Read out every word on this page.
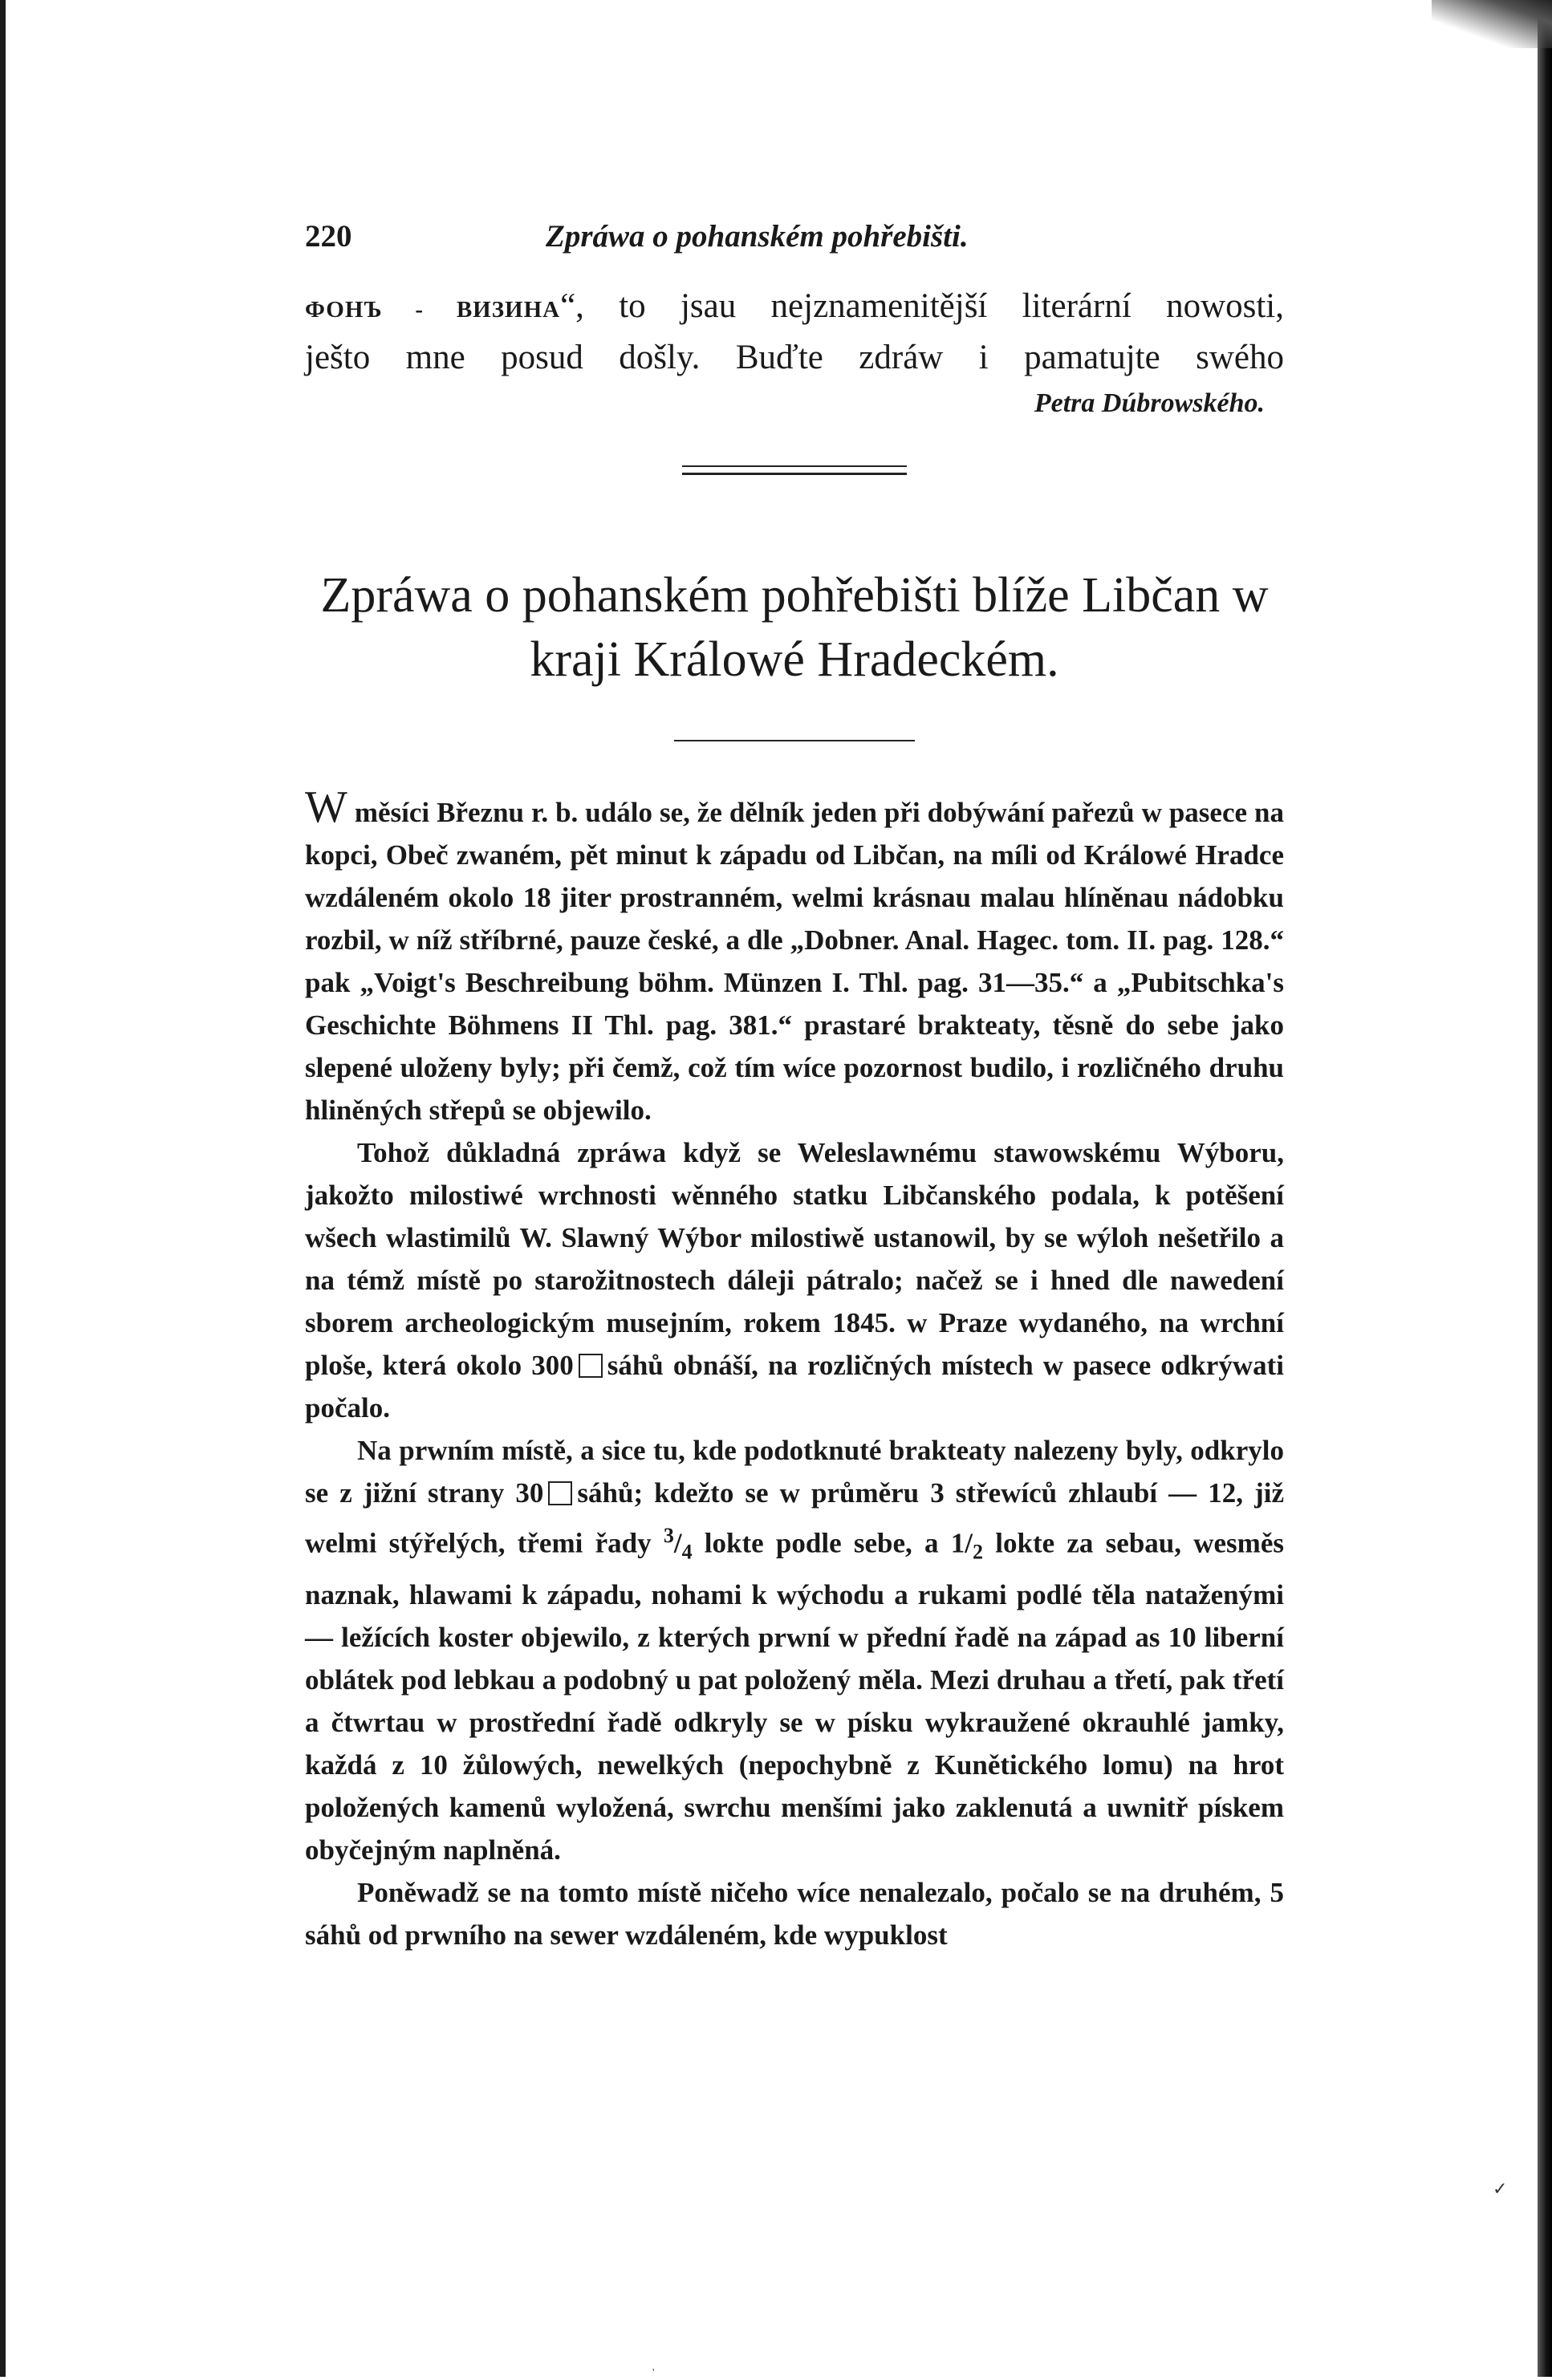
220	Zpráwa o pohanském pohřebišti.
ФОНЪ - ВИЗИНА“, to jsau nejznamenitější literární nowosti,
ješto mne posud došly. Buďte zdráw i pamatujte swého
Petra Dúbrowského.
Zpráwa o pohanském pohřebišti blíže Libčan w kraji Králowé Hradeckém.

W měsíci Březnu r. b. událo se, že dělník jeden při dobýwání pařezů w pasece na kopci, Obeč zwaném, pět minut k západu od Libčan, na míli od Králowé Hradce wzdáleném okolo 18 jiter prostranném, welmi krásnau malau hlíněnau nádobku rozbil, w níž stříbrné, pauze české, a dle „Dobner. Anal. Hagec. tom. II. pag. 128.“ pak „Voigt's Beschreibung böhm. Münzen I. Thl. pag. 31—35.“ a „Pubitschka's Geschichte Böhmens II Thl. pag. 381.“ prastaré brakteaty, těsně do sebe jako slepené uloženy byly; při čemž, což tím wíce pozornost budilo, i rozličného druhu hliněných střepů se objewilo.

Tohož důkladná zpráwa když se Weleslawnému stawowskému Wýboru, jakožto milostiwé wrchnosti wěnného statku Libčanského podala, k potěšení wšech wlastimilů W. Slawný Wýbor milostiwě ustanowil, by se wýloh nešetřilo a na témž místě po starožitnostech dáleji pátralo; načež se i hned dle nawedení sborem archeologickým musejním, rokem 1845. w Praze wydaného, na wrchní ploše, která okolo 300 sáhů obnáší, na rozličných místech w pasece odkrýwati počalo.

Na prwním místě, a sice tu, kde podotknuté brakteaty nalezeny byly, odkrylo se z jižní strany 30 sáhů; kdežto se w průměru 3 střewíců zhlaubí — 12, již welmi stýřelých, třemi řady $^3/_4$ lokte podle sebe, a $1/_2$ lokte za sebau, wesměs naznak, hlawami k západu, nohami k wýchodu a rukami podlé těla nataženými — ležících koster objewilo, z kterých prwní w přední řadě na západ as 10 liberní oblátek pod lebkau a podobný u pat položený měla. Mezi druhau a třetí, pak třetí a čtwrtau w prostřední řadě odkryly se w písku wykraužené okrauhlé jamky, každá z 10 žůlowých, newelkých (nepochybně z Kunětického lomu) na hrot položených kamenů wyložená, swrchu menšími jako zaklenutá a uwnitř pískem obyčejným naplněná.

Poněwadž se na tomto místě ničeho wíce nenalezalo, počalo se na druhém, 5 sáhů od prwního na sewer wzdáleném, kde wypuklost

✓
'
